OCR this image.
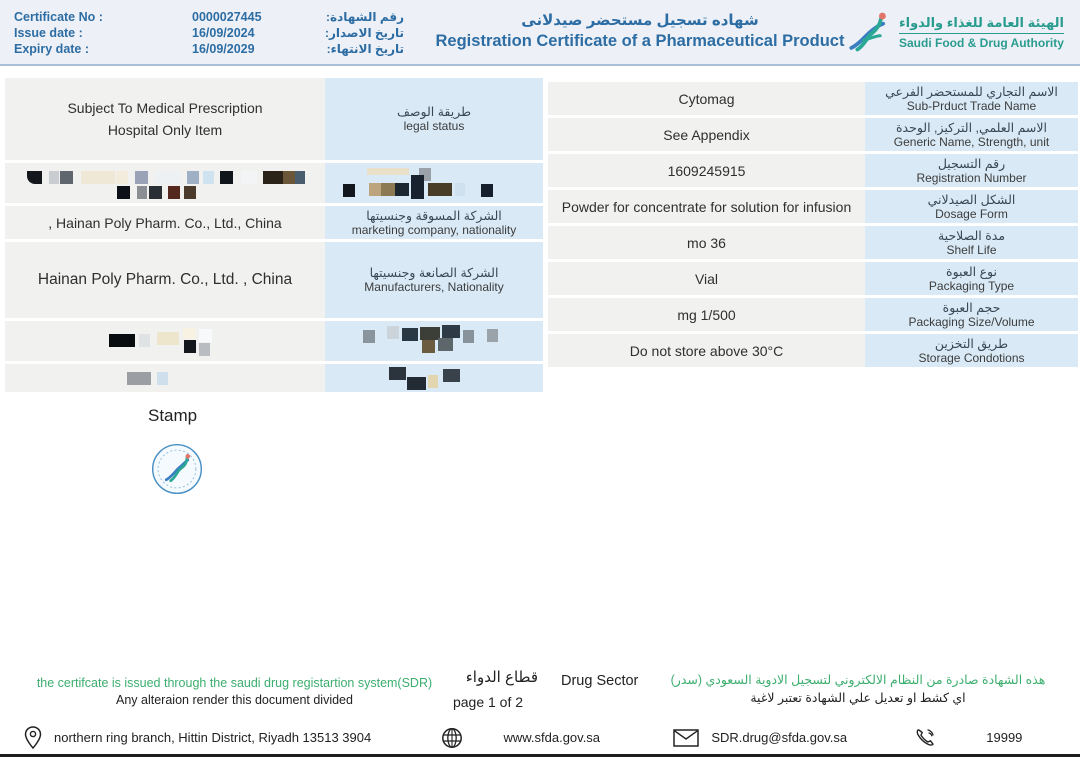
Certificate No :	0000027445	رقم الشهادة:
Issue date :	16/09/2024	تاريخ الاصدار:
Expiry date :	16/09/2029	تاريخ الانتهاء:
شهاده تسجيل مستحضر صيدلانى
Registration Certificate of a Pharmaceutical Product
الهيئة العامة للغذاء والدواء
Saudi Food & Drug Authority
Subject To Medical Prescription
Hospital Only Item
طريقة الوصف
legal status
, Hainan Poly Pharm. Co., Ltd., China	الشركة المسوقة وجنسيتها
marketing company, nationality
Hainan Poly Pharm. Co., Ltd. , China	الشركة الصانعة وجنسيتها
Manufacturers, Nationality
Cytomag	الاسم التجاري للمستحضر الفرعي
Sub-Prduct Trade Name
See Appendix	الاسم العلمي, التركيز, الوحدة
Generic Name, Strength, unit
1609245915	رقم التسجيل
Registration Number
Powder for concentrate for solution for infusion	الشكل الصيدلاني
Dosage Form
mo 36	مدة الصلاحية
Shelf Life
Vial	نوع العبوة
Packaging Type
mg 1/500	حجم العبوة
Packaging Size/Volume
Do not store above 30°C	طريق التخزين
Storage Condotions
Stamp
the certifcate is issued through the saudi drug registartion system(SDR)
Any alteraion render this document divided
قطاع الدواء
page 1 of 2
Drug Sector	هذه الشهادة صادرة من النظام الالكتروني لتسجيل الادوية السعودي (سدر)
اي كشط او تعديل علي الشهادة تعتبر لاغية
northern ring branch, Hittin District, Riyadh 13513 3904	www.sfda.gov.sa	SDR.drug@sfda.gov.sa	19999
